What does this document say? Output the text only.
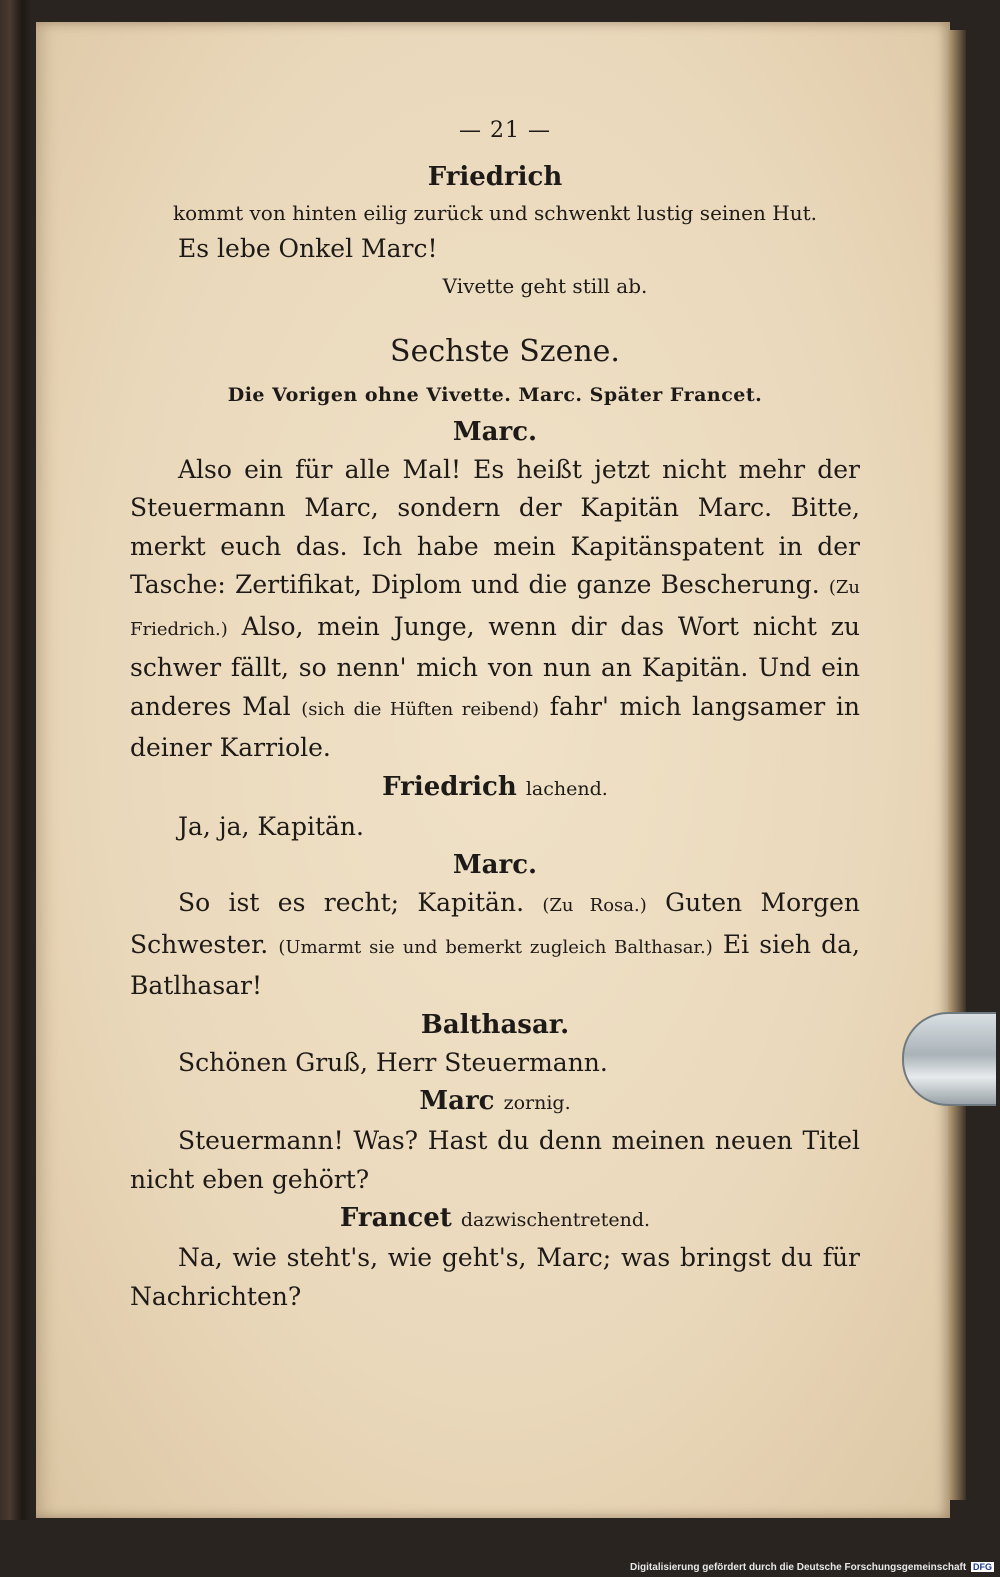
— 21 —
Friedrich
kommt von hinten eilig zurück und schwenkt lustig seinen Hut.
Es lebe Onkel Marc!
Vivette geht still ab.
Sechste Szene.
Die Vorigen ohne Vivette. Marc. Später Francet.
Marc.
Also ein für alle Mal! Es heißt jetzt nicht mehr der Steuermann Marc, sondern der Kapitän Marc. Bitte, merkt euch das. Ich habe mein Kapitänspatent in der Tasche: Zertifikat, Diplom und die ganze Bescherung. (Zu Friedrich.) Also, mein Junge, wenn dir das Wort nicht zu schwer fällt, so nenn' mich von nun an Kapitän. Und ein anderes Mal (sich die Hüften reibend) fahr' mich langsamer in deiner Karriole.
Friedrich lachend.
Ja, ja, Kapitän.
Marc.
So ist es recht; Kapitän. (Zu Rosa.) Guten Morgen Schwester. (Umarmt sie und bemerkt zugleich Balthasar.) Ei sieh da, Batlhasar!
Balthasar.
Schönen Gruß, Herr Steuermann.
Marc zornig.
Steuermann! Was? Hast du denn meinen neuen Titel nicht eben gehört?
Francet dazwischentretend.
Na, wie steht's, wie geht's, Marc; was bringst du für Nachrichten?
Digitalisierung gefördert durch die Deutsche Forschungsgemeinschaft DFG
